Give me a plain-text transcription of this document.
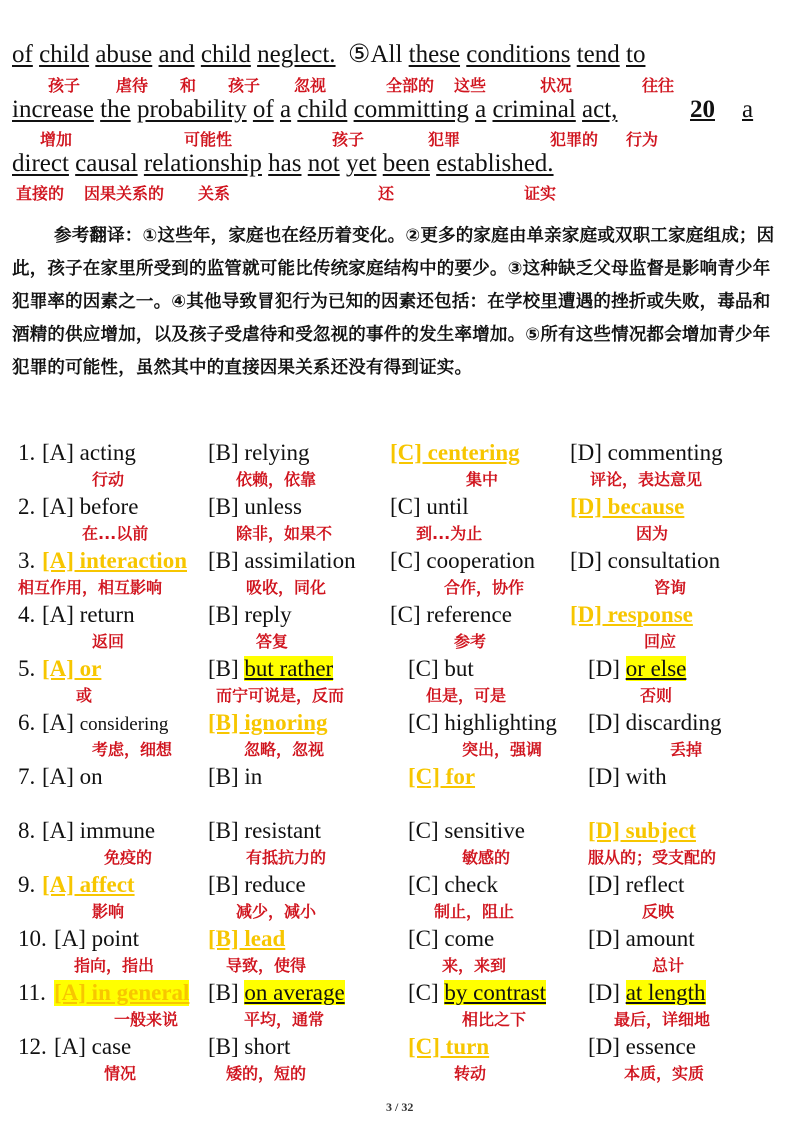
of child abuse and child neglect. ⑤All these conditions tend to
孩子 虐待 和 孩子 忽视	全部的 这些	状况	往往
increase the probability of a child committing a criminal act,	20 a
增加	可能性	孩子	犯罪	犯罪的 行为
direct causal relationship has not yet been established.
直接的 因果关系的 关系	还	证实
参考翻译：①这些年，家庭也在经历着变化。②更多的家庭由单亲家庭或双职工家庭组成；因此，孩子在家里所受到的监管就可能比传统家庭结构中的要少。③这种缺乏父母监督是影响青少年犯罪率的因素之一。④其他导致冒犯行为已知的因素还包括：在学校里遭遇的挫折或失败，毒品和酒精的供应增加，以及孩子受虐待和受忽视的事件的发生率增加。⑤所有这些情况都会增加青少年犯罪的可能性，虽然其中的直接因果关系还没有得到证实。
1. [A] acting	[B] relying	[C] centering [D] commenting
行动	依赖，依靠	集中	评论，表达意见
2. [A] before	[B] unless	[C] until	[D] because
在...以前	除非，如果不	到...为止	因为
3. [A] interaction [B] assimilation [C] cooperation [D] consultation
相互作用，相互影响	吸收，同化	合作，协作	咨询
4. [A] return	[B] reply	[C] reference	[D] response
返回	答复	参考	回应
5. [A] or	[B] but rather	[C] but	[D] or else
或	而宁可说是，反而	但是，可是	否则
6. [A] considering [B] ignoring	[C] highlighting [D] discarding
考虑，细想	忽略，忽视	突出，强调	丢掉
7. [A] on	[B] in	[C] for	[D] with
8. [A] immune [B] resistant	[C] sensitive	[D] subject
免疫的	有抵抗力的	敏感的	服从的；受支配的
9. [A] affect	[B] reduce	[C] check	[D] reflect
影响	减少，减小	制止，阻止	反映
10. [A] point	[B] lead	[C] come	[D] amount
指向，指出	导致，使得	来，来到	总计
11. [A] in general [B] on average	[C] by contrast [D] at length
一般来说	平均，通常	相比之下	最后，详细地
12. [A] case	[B] short	[C] turn	[D] essence
情况	矮的，短的	转动	本质，实质
3 / 32
